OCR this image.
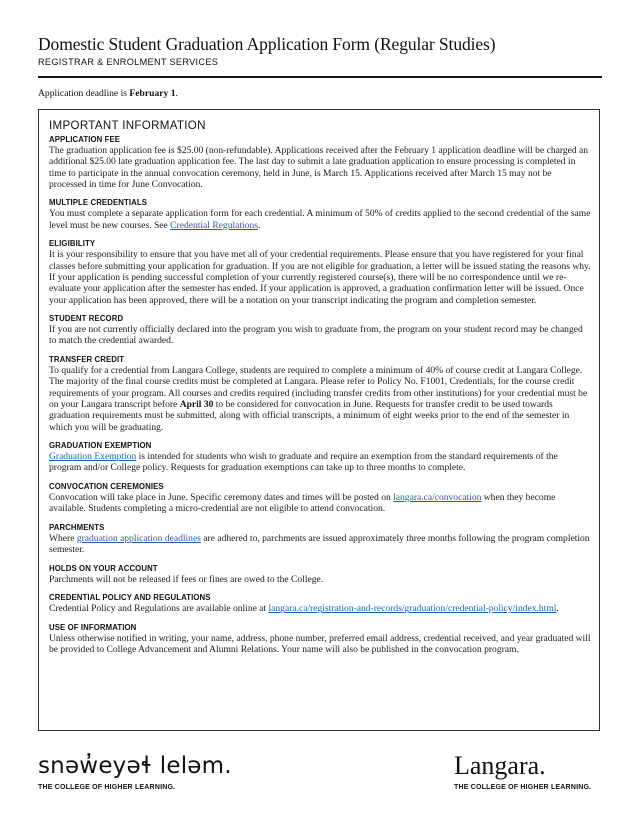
Domestic Student Graduation Application Form (Regular Studies)
REGISTRAR & ENROLMENT SERVICES
Application deadline is February 1.
IMPORTANT INFORMATION
APPLICATION FEE
The graduation application fee is $25.00 (non-refundable). Applications received after the February 1 application deadline will be charged an additional $25.00 late graduation application fee. The last day to submit a late graduation application to ensure processing is completed in time to participate in the annual convocation ceremony, held in June, is March 15. Applications received after March 15 may not be processed in time for June Convocation.
MULTIPLE CREDENTIALS
You must complete a separate application form for each credential. A minimum of 50% of credits applied to the second credential of the same level must be new courses. See Credential Regulations.
ELIGIBILITY
It is your responsibility to ensure that you have met all of your credential requirements. Please ensure that you have registered for your final classes before submitting your application for graduation. If you are not eligible for graduation, a letter will be issued stating the reasons why. If your application is pending successful completion of your currently registered course(s), there will be no correspondence until we re-evaluate your application after the semester has ended. If your application is approved, a graduation confirmation letter will be issued. Once your application has been approved, there will be a notation on your transcript indicating the program and completion semester.
STUDENT RECORD
If you are not currently officially declared into the program you wish to graduate from, the program on your student record may be changed to match the credential awarded.
TRANSFER CREDIT
To qualify for a credential from Langara College, students are required to complete a minimum of 40% of course credit at Langara College. The majority of the final course credits must be completed at Langara. Please refer to Policy No. F1001, Credentials, for the course credit requirements of your program. All courses and credits required (including transfer credits from other institutions) for your credential must be on your Langara transcript before April 30 to be considered for convocation in June. Requests for transfer credit to be used towards graduation requirements must be submitted, along with official transcripts, a minimum of eight weeks prior to the end of the semester in which you will be graduating.
GRADUATION EXEMPTION
Graduation Exemption is intended for students who wish to graduate and require an exemption from the standard requirements of the program and/or College policy. Requests for graduation exemptions can take up to three months to complete.
CONVOCATION CEREMONIES
Convocation will take place in June. Specific ceremony dates and times will be posted on langara.ca/convocation when they become available. Students completing a micro-credential are not eligible to attend convocation.
PARCHMENTS
Where graduation application deadlines are adhered to, parchments are issued approximately three months following the program completion semester.
HOLDS ON YOUR ACCOUNT
Parchments will not be released if fees or fines are owed to the College.
CREDENTIAL POLICY AND REGULATIONS
Credential Policy and Regulations are available online at langara.ca/registration-and-records/graduation/credential-policy/index.html.
USE OF INFORMATION
Unless otherwise notified in writing, your name, address, phone number, preferred email address, credential received, and year graduated will be provided to College Advancement and Alumni Relations. Your name will also be published in the convocation program.
snəw̓eyəɬ leləm.
THE COLLEGE OF HIGHER LEARNING.
Langara.
THE COLLEGE OF HIGHER LEARNING.
